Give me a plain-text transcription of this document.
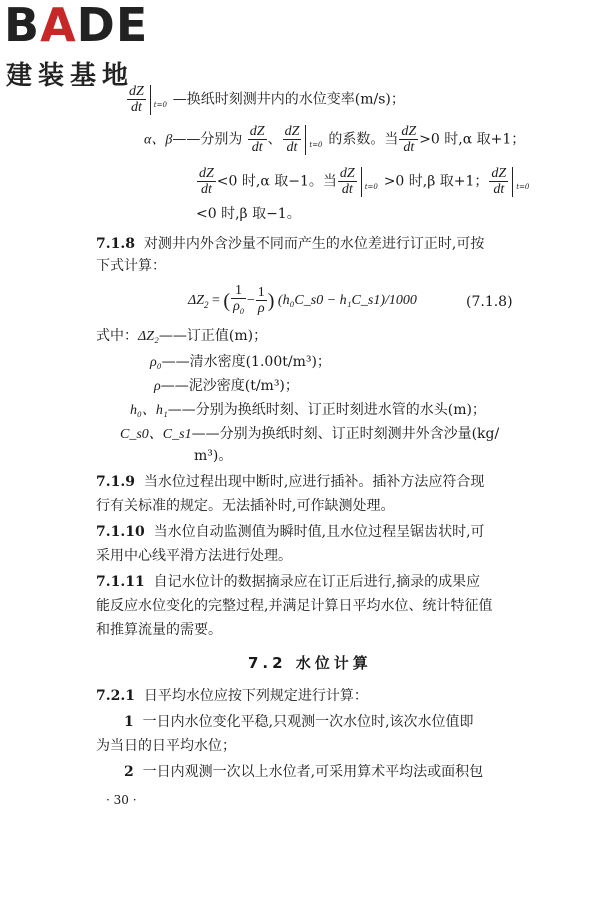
BADE
建装基地
$\frac{dZ}{dt} t=0$ —换纸时刻测井内的水位变率(m/s)；
α、β——分别为 $\frac{dZ}{dt}$ 、 $\frac{dZ}{dt} t=0$ 的系数。当 $\frac{dZ}{dt} >0$ 时,α 取+1；
$\frac{dZ}{dt} <0$ 时,α 取−1。当 $\frac{dZ}{dt} t=0 >0$ 时,β 取+1； $\frac{dZ}{dt} t=0$
<0 时,β 取−1。
7.1.8 对测井内外含沙量不同而产生的水位差进行订正时,可按
下式计算：
$\Delta Z_2$ = ( $\frac{1}{\rho_0} - \frac{1}{\rho}$ ) (h₀C_s0 − h₁C_s1)/1000	(7.1.8)
式中： ΔZ₂——订正值(m)；
ρ₀——清水密度(1.00t/m³)；
ρ——泥沙密度(t/m³)；
h₀、h₁——分别为换纸时刻、订正时刻进水管的水头(m)；
C_s0、C_s1——分别为换纸时刻、订正时刻测井外含沙量(kg/
m³)。
7.1.9 当水位过程出现中断时,应进行插补。插补方法应符合现
行有关标准的规定。无法插补时,可作缺测处理。
7.1.10 当水位自动监测值为瞬时值,且水位过程呈锯齿状时,可
采用中心线平滑方法进行处理。
7.1.11 自记水位计的数据摘录应在订正后进行,摘录的成果应
能反应水位变化的完整过程,并满足计算日平均水位、统计特征值
和推算流量的需要。
7.2 水位计算
7.2.1 日平均水位应按下列规定进行计算：
1 一日内水位变化平稳,只观测一次水位时,该次水位值即
为当日的日平均水位；
2 一日内观测一次以上水位者,可采用算术平均法或面积包
· 30 ·
